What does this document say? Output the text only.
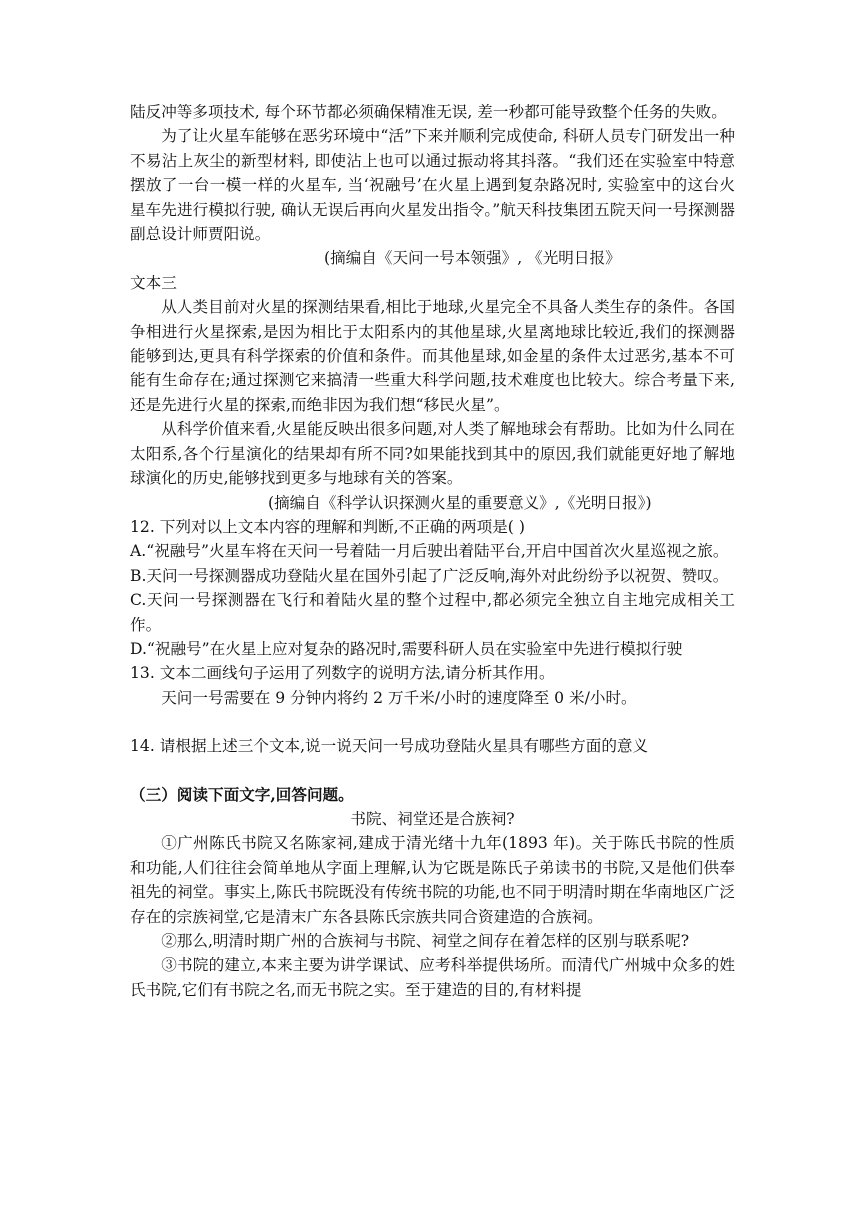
陆反冲等多项技术, 每个环节都必须确保精准无误, 差一秒都可能导致整个任务的失败。

为了让火星车能够在恶劣环境中“活”下来并顺利完成使命, 科研人员专门研发出一种不易沾上灰尘的新型材料, 即使沾上也可以通过振动将其抖落。“我们还在实验室中特意摆放了一台一模一样的火星车, 当‘祝融号’在火星上遇到复杂路况时, 实验室中的这台火星车先进行模拟行驶, 确认无误后再向火星发出指令。”航天科技集团五院天问一号探测器副总设计师贾阳说。

(摘编自《天问一号本领强》, 《光明日报》

文本三

从人类目前对火星的探测结果看,相比于地球,火星完全不具备人类生存的条件。各国争相进行火星探索,是因为相比于太阳系内的其他星球,火星离地球比较近,我们的探测器能够到达,更具有科学探索的价值和条件。而其他星球,如金星的条件太过恶劣,基本不可能有生命存在;通过探测它来搞清一些重大科学问题,技术难度也比较大。综合考量下来,还是先进行火星的探索,而绝非因为我们想“移民火星”。

从科学价值来看,火星能反映出很多问题,对人类了解地球会有帮助。比如为什么同在太阳系,各个行星演化的结果却有所不同?如果能找到其中的原因,我们就能更好地了解地球演化的历史,能够找到更多与地球有关的答案。

(摘编自《科学认识探测火星的重要意义》,《光明日报》)

12. 下列对以上文本内容的理解和判断,不正确的两项是( )

A.“祝融号”火星车将在天问一号着陆一月后驶出着陆平台,开启中国首次火星巡视之旅。

B.天问一号探测器成功登陆火星在国外引起了广泛反响,海外对此纷纷予以祝贺、赞叹。

C.天问一号探测器在飞行和着陆火星的整个过程中,都必须完全独立自主地完成相关工作。

D.“祝融号”在火星上应对复杂的路况时,需要科研人员在实验室中先进行模拟行驶

13. 文本二画线句子运用了列数字的说明方法,请分析其作用。

天问一号需要在 9 分钟内将约 2 万千米/小时的速度降至 0 米/小时。

14. 请根据上述三个文本,说一说天问一号成功登陆火星具有哪些方面的意义

（三）阅读下面文字,回答问题。

书院、祠堂还是合族祠?

①广州陈氏书院又名陈家祠,建成于清光绪十九年(1893 年)。关于陈氏书院的性质和功能,人们往往会简单地从字面上理解,认为它既是陈氏子弟读书的书院,又是他们供奉祖先的祠堂。事实上,陈氏书院既没有传统书院的功能,也不同于明清时期在华南地区广泛存在的宗族祠堂,它是清末广东各县陈氏宗族共同合资建造的合族祠。

②那么,明清时期广州的合族祠与书院、祠堂之间存在着怎样的区别与联系呢?

③书院的建立,本来主要为讲学课试、应考科举提供场所。而清代广州城中众多的姓氏书院,它们有书院之名,而无书院之实。至于建造的目的,有材料提
